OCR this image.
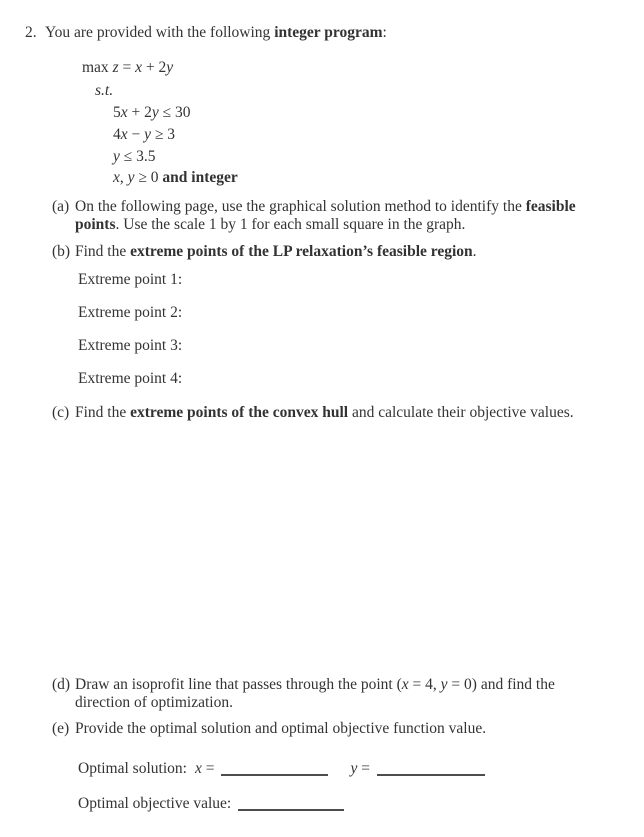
2. You are provided with the following integer program:
max z = x + 2y
s.t.
5x + 2y ≤ 30
4x − y ≥ 3
y ≤ 3.5
x, y ≥ 0 and integer
(a) On the following page, use the graphical solution method to identify the feasible points. Use the scale 1 by 1 for each small square in the graph.
(b) Find the extreme points of the LP relaxation’s feasible region.
Extreme point 1:
Extreme point 2:
Extreme point 3:
Extreme point 4:
(c) Find the extreme points of the convex hull and calculate their objective values.
(d) Draw an isoprofit line that passes through the point (x = 4, y = 0) and find the direction of optimization.
(e) Provide the optimal solution and optimal objective function value.
Optimal solution: x =	y =
Optimal objective value:
